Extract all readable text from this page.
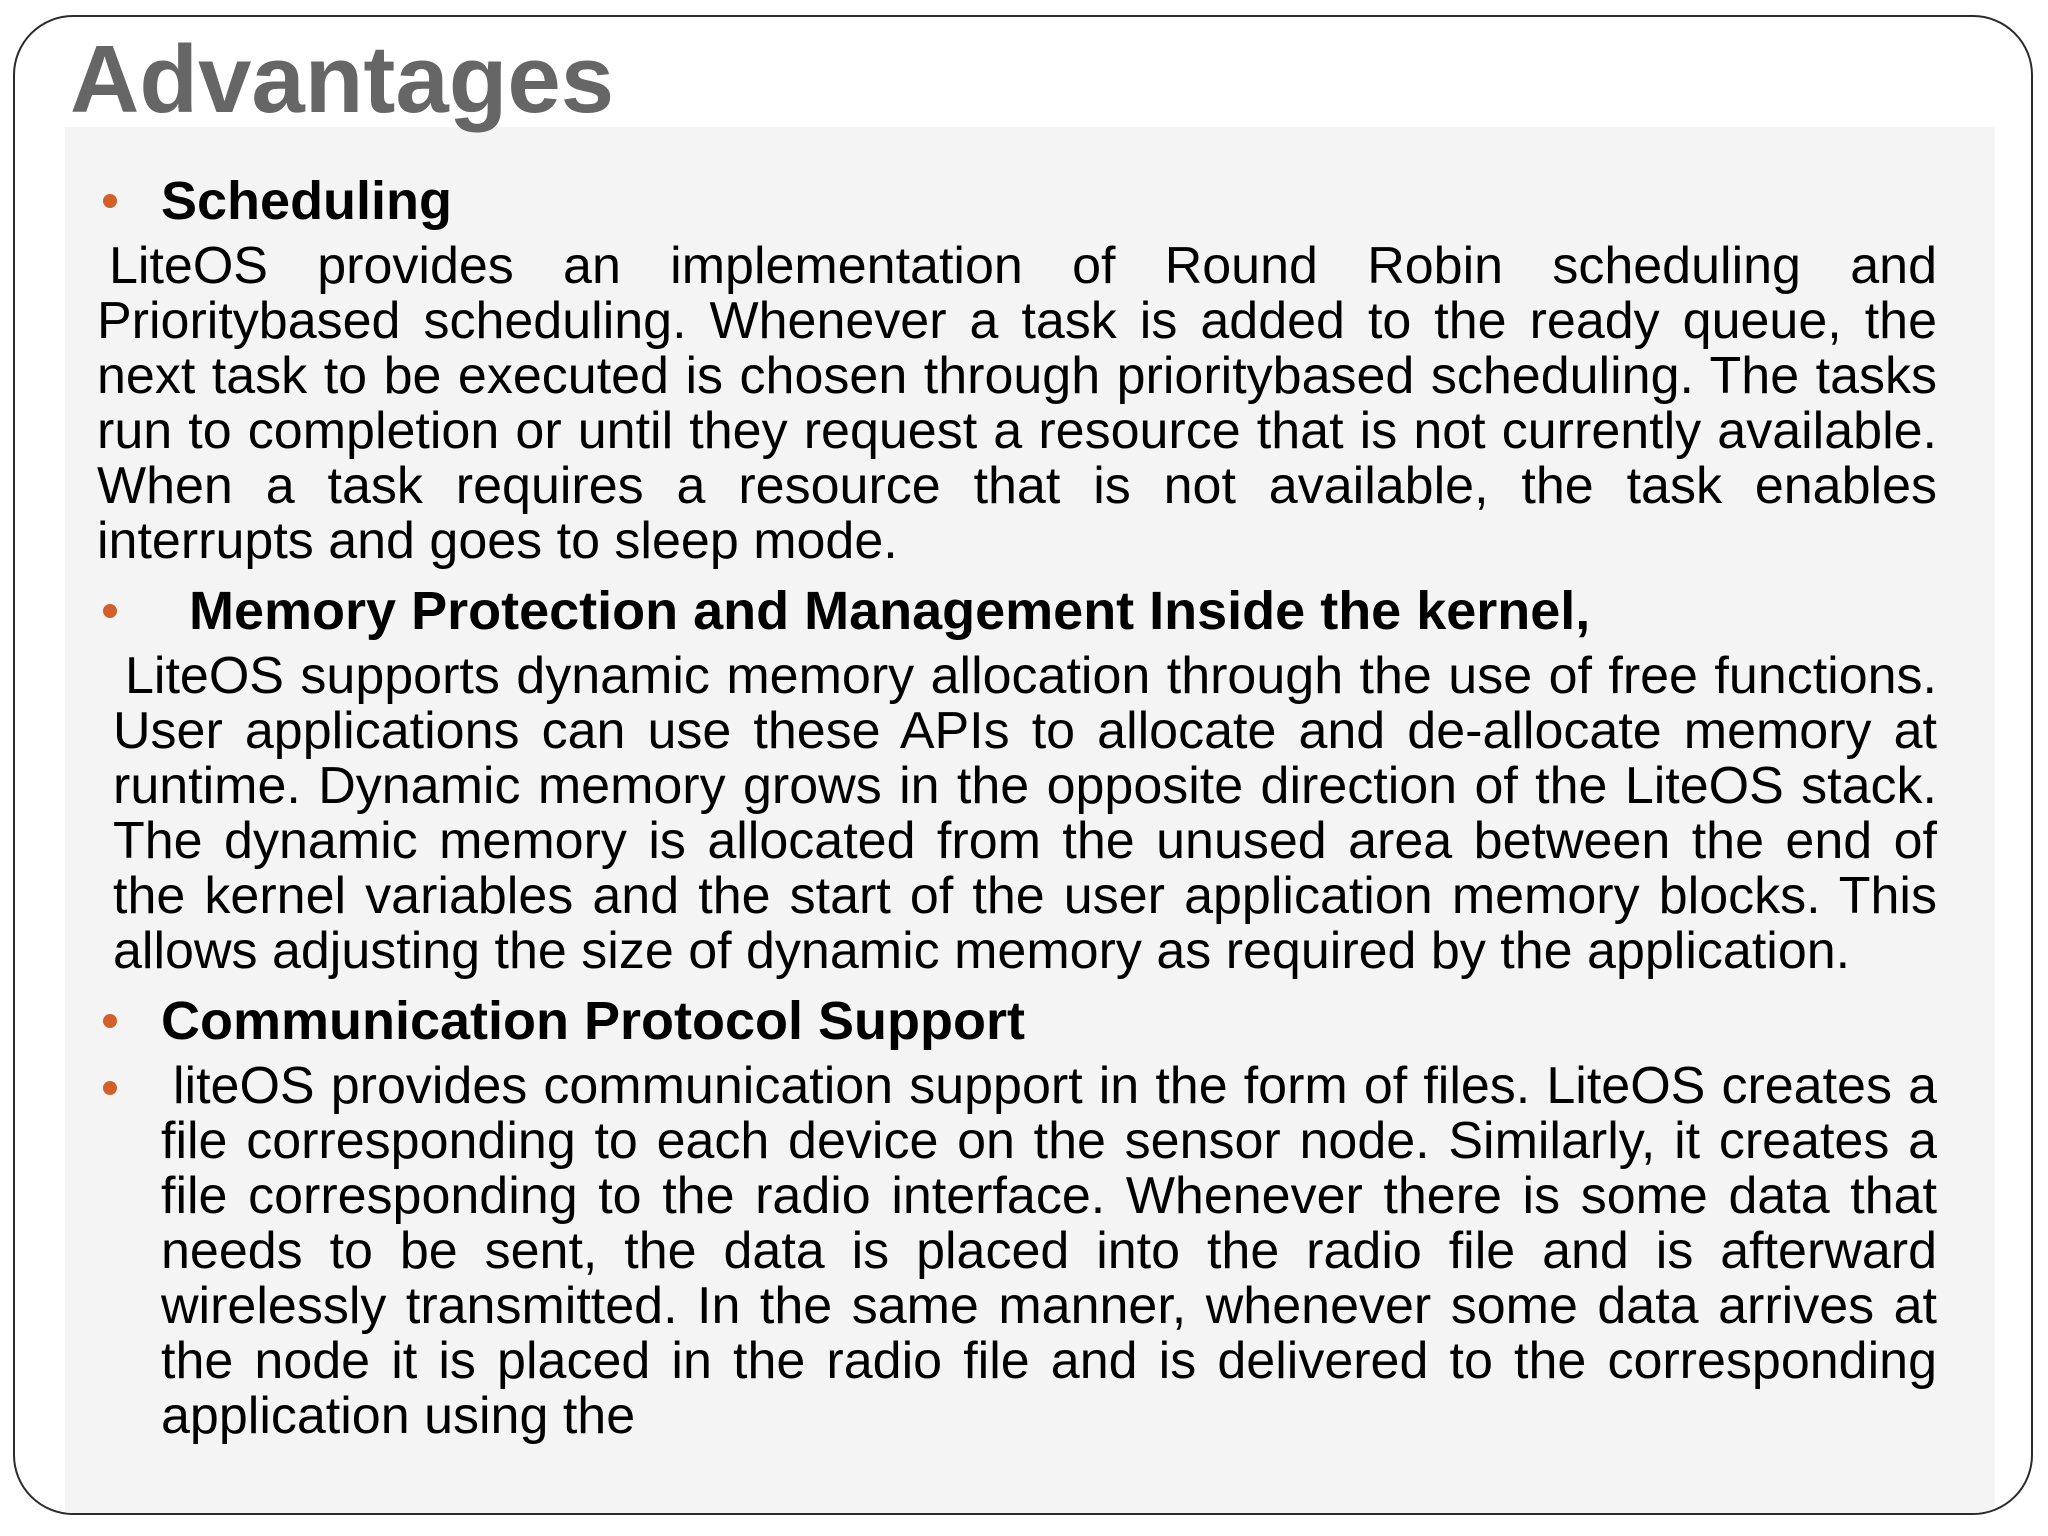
Advantages
Scheduling
LiteOS provides an implementation of Round Robin scheduling and Prioritybased scheduling. Whenever a task is added to the ready queue, the next task to be executed is chosen through prioritybased scheduling. The tasks run to completion or until they request a resource that is not currently available. When a task requires a resource that is not available, the task enables interrupts and goes to sleep mode.
Memory Protection and Management Inside the kernel,
LiteOS supports dynamic memory allocation through the use of free functions. User applications can use these APIs to allocate and de-allocate memory at runtime. Dynamic memory grows in the opposite direction of the LiteOS stack. The dynamic memory is allocated from the unused area between the end of the kernel variables and the start of the user application memory blocks. This allows adjusting the size of dynamic memory as required by the application.
Communication Protocol Support
liteOS provides communication support in the form of files. LiteOS creates a file corresponding to each device on the sensor node. Similarly, it creates a file corresponding to the radio interface. Whenever there is some data that needs to be sent, the data is placed into the radio file and is afterward wirelessly transmitted. In the same manner, whenever some data arrives at the node it is placed in the radio file and is delivered to the corresponding application using the
